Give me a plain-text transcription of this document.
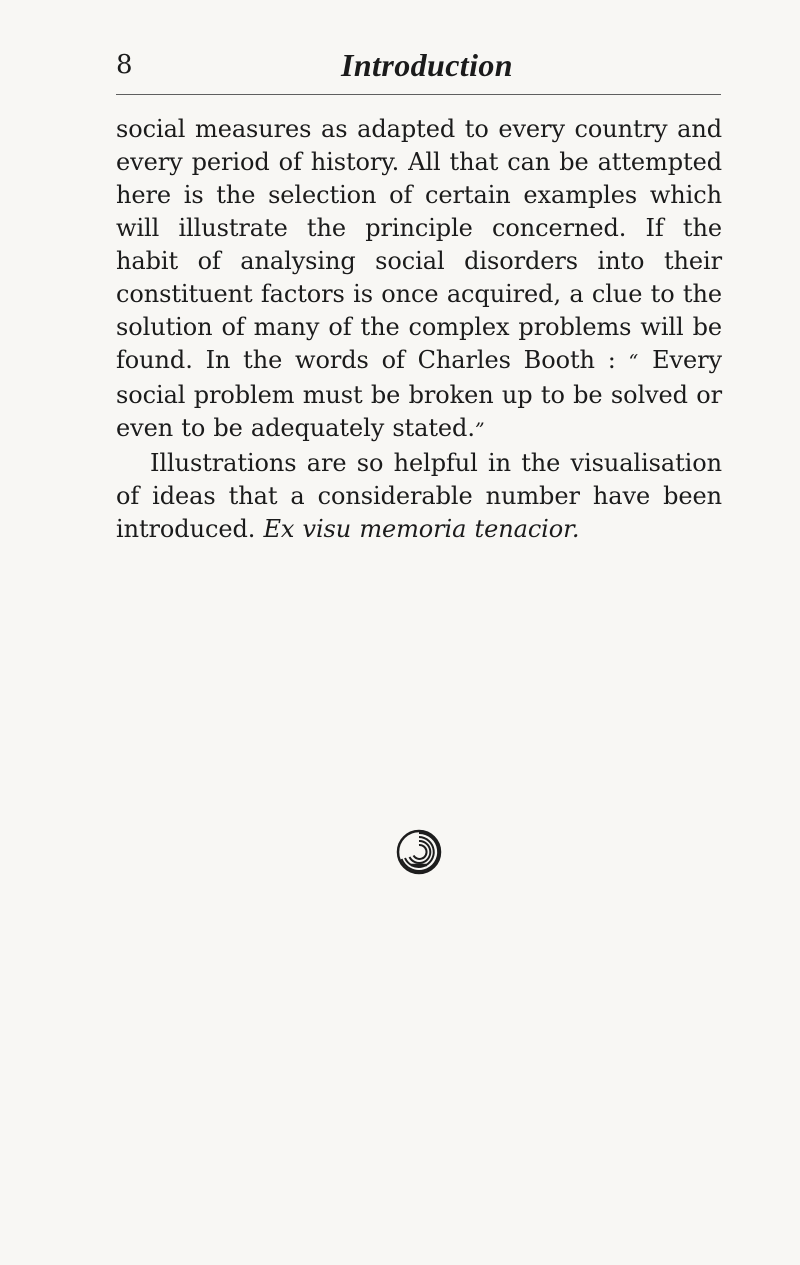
8	Introduction

social measures as adapted to every country and every period of history. All that can be attempted here is the selection of certain examples which will illustrate the principle concerned. If the habit of analysing social disorders into their constituent factors is once acquired, a clue to the solution of many of the complex problems will be found. In the words of Charles Booth : “ Every social problem must be broken up to be solved or even to be adequately stated.”

Illustrations are so helpful in the visualisation of ideas that a considerable number have been introduced. Ex visu memoria tenacior.
